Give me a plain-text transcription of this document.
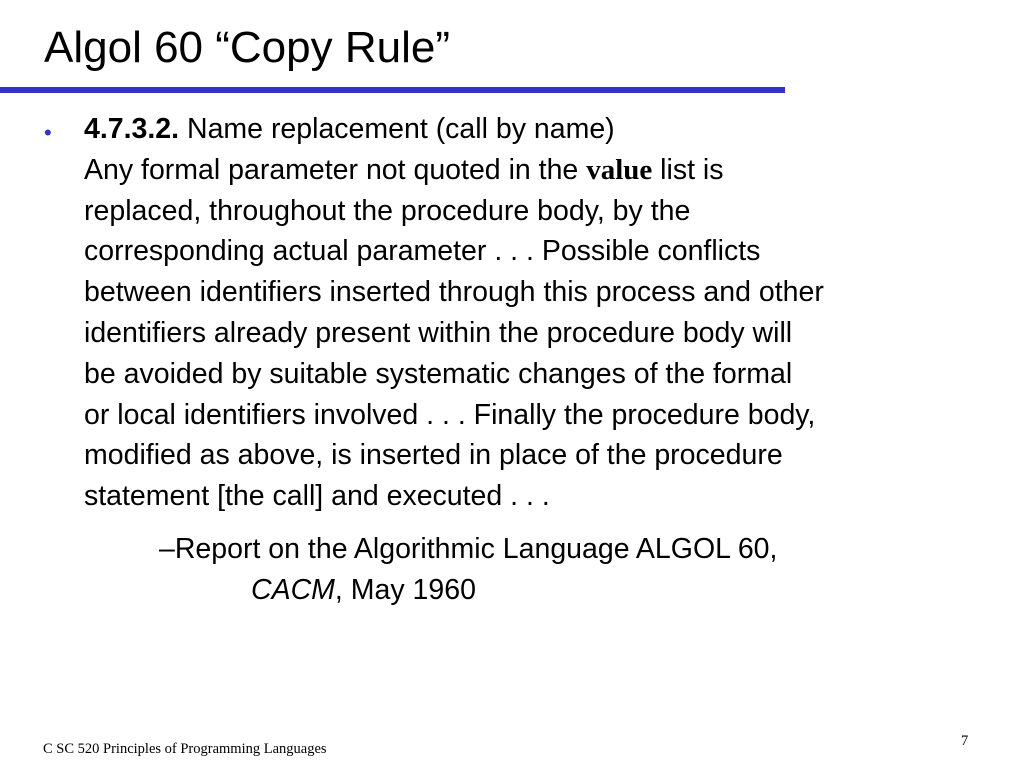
Algol 60 “Copy Rule”
• 4.7.3.2. Name replacement (call by name)
Any formal parameter not quoted in the value list is
replaced, throughout the procedure body, by the
corresponding actual parameter . . . Possible conflicts
between identifiers inserted through this process and other
identifiers already present within the procedure body will
be avoided by suitable systematic changes of the formal
or local identifiers involved . . . Finally the procedure body,
modified as above, is inserted in place of the procedure
statement [the call] and executed . . .
–Report on the Algorithmic Language ALGOL 60,
CACM, May 1960
C SC 520 Principles of Programming Languages	7
